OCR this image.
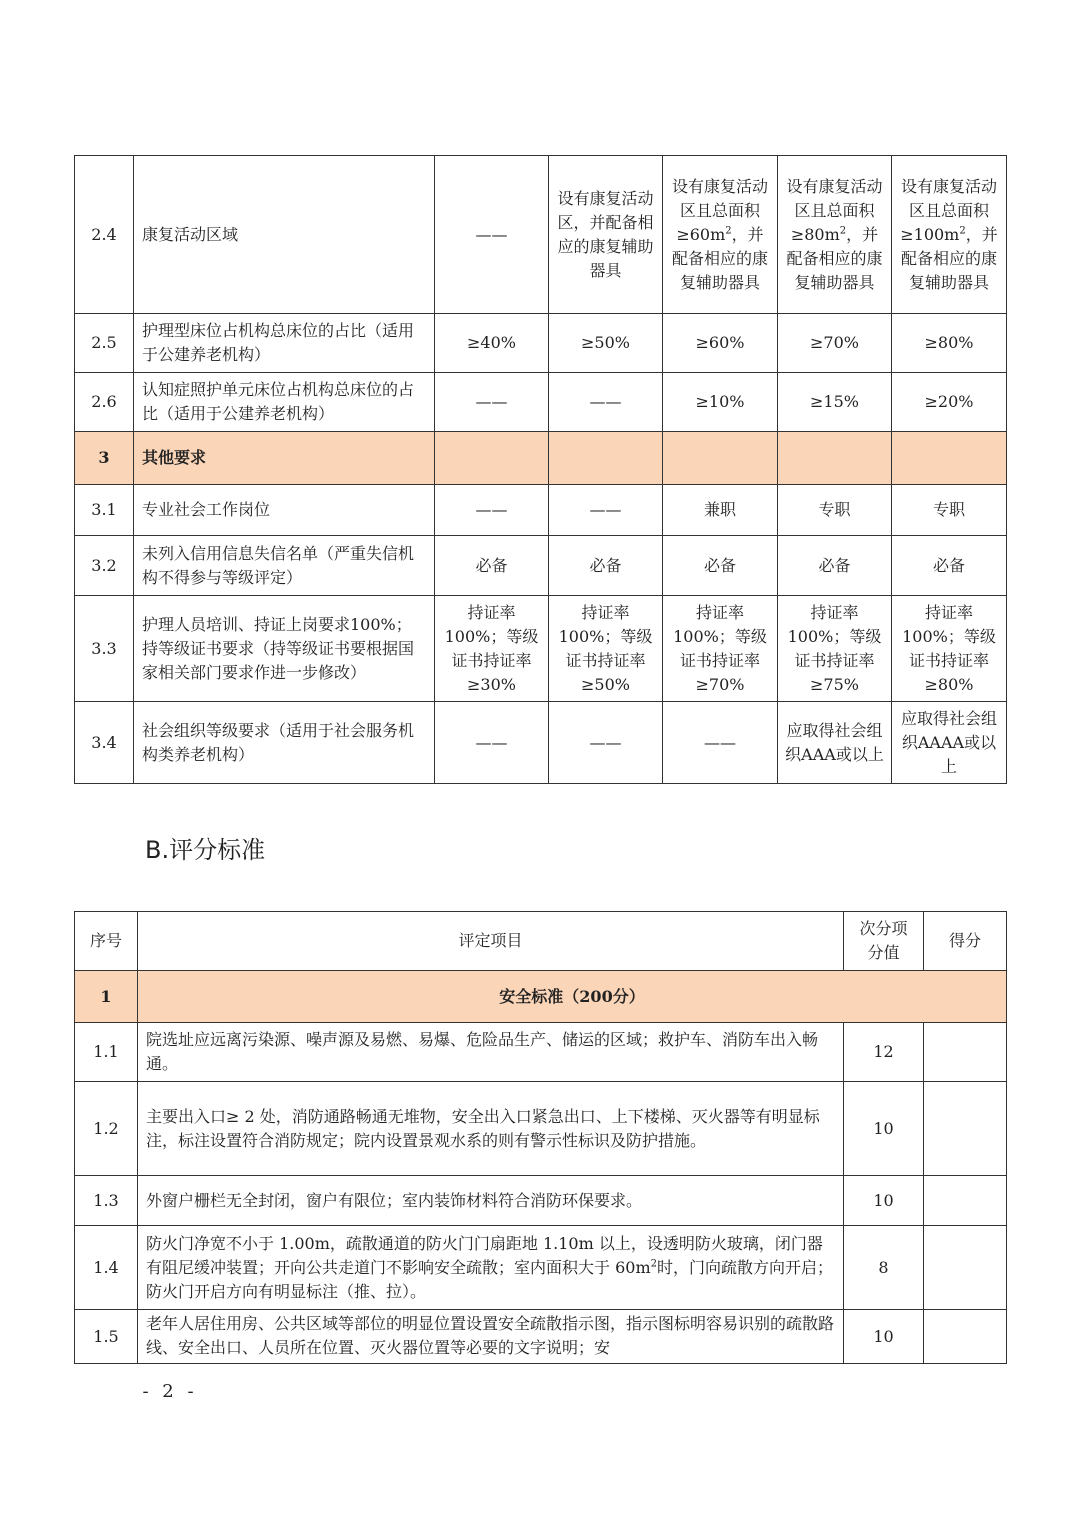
2.4	康复活动区域	——	设有康复活动区，并配备相应的康复辅助器具	设有康复活动区且总面积$\ge 60m^2$，并配备相应的康复辅助器具	设有康复活动区且总面积$\ge 80m^2$，并配备相应的康复辅助器具	设有康复活动区且总面积$\ge 100m^2$，并配备相应的康复辅助器具
2.5	护理型床位占机构总床位的占比（适用于公建养老机构）	≥40%	≥50%	≥60%	≥70%	≥80%
2.6	认知症照护单元床位占机构总床位的占比（适用于公建养老机构）	——	——	≥10%	≥15%	≥20%
3	其他要求					
3.1	专业社会工作岗位	——	——	兼职	专职	专职
3.2	未列入信用信息失信名单（严重失信机构不得参与等级评定）	必备	必备	必备	必备	必备
3.3	护理人员培训、持证上岗要求100%；持等级证书要求（持等级证书要根据国家相关部门要求作进一步修改）	持证率100%；等级证书持证率≥30%	持证率100%；等级证书持证率≥50%	持证率100%；等级证书持证率≥70%	持证率100%；等级证书持证率≥75%	持证率100%；等级证书持证率≥80%
3.4	社会组织等级要求（适用于社会服务机构类养老机构）	——	——	——	应取得社会组织AAA或以上	应取得社会组织AAAA或以上
B.评分标准
序号	评定项目	次分项分值	得分
1	安全标准（200分）		
1.1	院选址应远离污染源、噪声源及易燃、易爆、危险品生产、储运的区域；救护车、消防车出入畅通。	12	
1.2	主要出入口≥ 2 处，消防通路畅通无堆物，安全出入口紧急出口、上下楼梯、灭火器等有明显标注，标注设置符合消防规定；院内设置景观水系的则有警示性标识及防护措施。	10	
1.3	外窗户栅栏无全封闭，窗户有限位；室内装饰材料符合消防环保要求。	10	
1.4	防火门净宽不小于 1.00m，疏散通道的防火门门扇距地 1.10m 以上，设透明防火玻璃，闭门器有阻尼缓冲装置；开向公共走道门不影响安全疏散；室内面积大于 $60m^2$时，门向疏散方向开启；防火门开启方向有明显标注（推、拉）。	8	
1.5	老年人居住用房、公共区域等部位的明显位置设置安全疏散指示图，指示图标明容易识别的疏散路线、安全出口、人员所在位置、灭火器位置等必要的文字说明；安	10	
- 2 -
